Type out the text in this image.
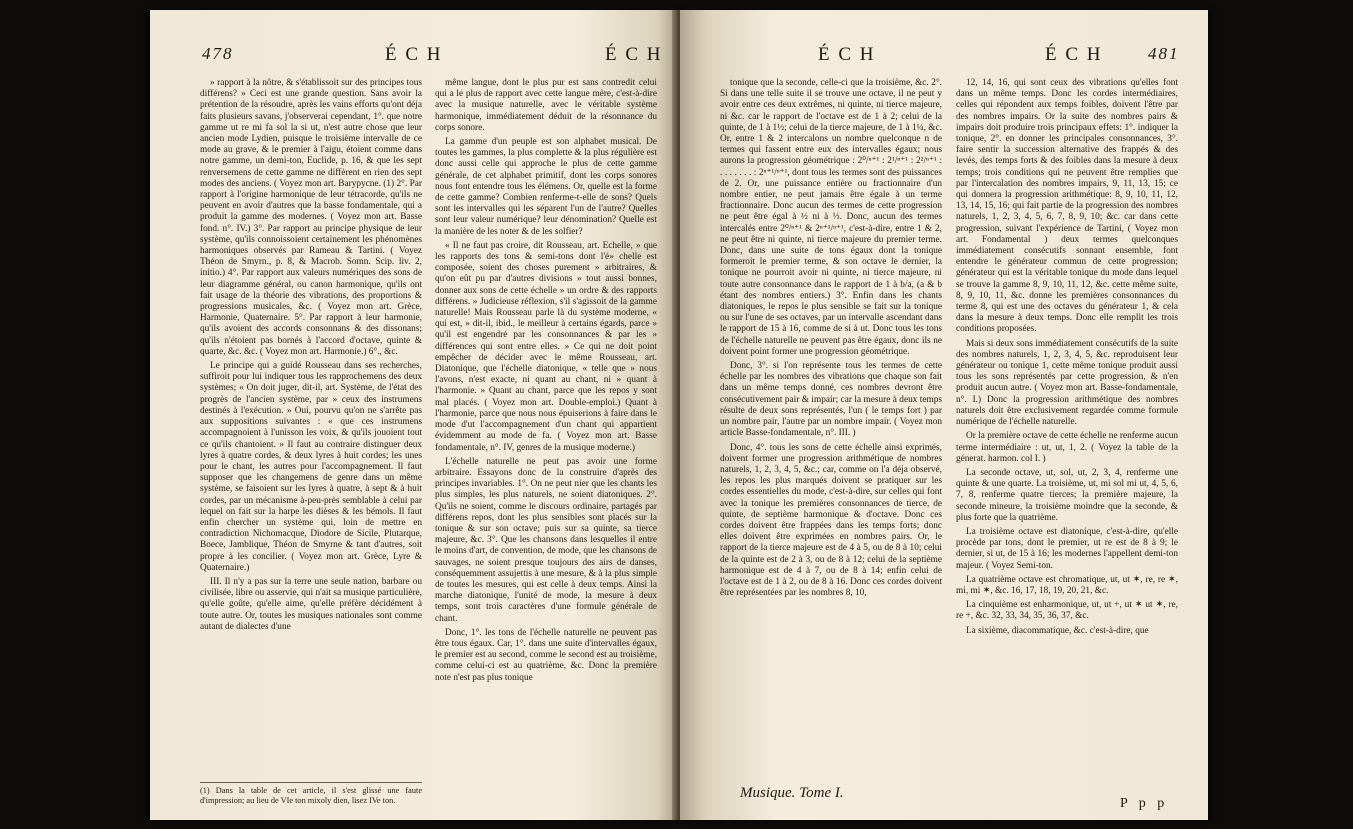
478	É C H	É C H

» rapport à la nôtre, & s'établissoit sur des principes tous différens? » Ceci est une grande question. Sans avoir la prétention de la résoudre, après les vains efforts qu'ont déja faits plusieurs savans, j'observerai cependant, 1°. que notre gamme ut re mi fa sol la si ut, n'est autre chose que leur ancien mode Lydien, puisque le troisième intervalle de ce mode au grave, & le premier à l'aigu, étoient comme dans notre gamme, un demi-ton, Euclide, p. 16, & que les sept renversemens de cette gamme ne diffèrent en rien des sept modes des anciens. ( Voyez mon art. Barypycne. (1) 2°. Par rapport à l'origine harmonique de leur tétracorde, qu'ils ne peuvent en avoir d'autres que la basse fondamentale, qui a produit la gamme des modernes. ( Voyez mon art. Basse fond. n°. IV.) 3°. Par rapport au principe physique de leur système, qu'ils connoissoient certainement les phénomènes harmoniques observés par Rameau & Tartini. ( Voyez Théon de Smyrn., p. 8, & Macrob. Somn. Scip. liv. 2, initio.) 4°. Par rapport aux valeurs numériques des sons de leur diagramme général, ou canon harmonique, qu'ils ont fait usage de la théorie des vibrations, des proportions & progressions musicales, &c. ( Voyez mon art. Grèce, Harmonie, Quaternaire. 5°. Par rapport à leur harmonie, qu'ils avoient des accords consonnans & des dissonans; qu'ils n'étoient pas bornés à l'accord d'octave, quinte & quarte, &c. &c. ( Voyez mon art. Harmonie.) 6°., &c.

Le principe qui a guidé Rousseau dans ses recherches, suffiroit pour lui indiquer tous les rapprochemens des deux systèmes; « On doit juger, dit-il, art. Système, de l'état des progrès de l'ancien système, par » ceux des instrumens destinés à l'exécution. » Oui, pourvu qu'on ne s'arrête pas aux suppositions suivantes : « que ces instrumens accompagnoient à l'unisson les voix, & qu'ils jouoient tout ce qu'ils chantoient. » Il faut au contraire distinguer deux lyres à quatre cordes, & deux lyres à huit cordes; les unes pour le chant, les autres pour l'accompagnement. Il faut supposer que les changemens de genre dans un même système, se faisoient sur les lyres à quatre, à sept & à huit cordes, par un mécanisme à-peu-près semblable à celui par lequel on fait sur la harpe les dièses & les bémols. Il faut enfin chercher un système qui, loin de mettre en contradiction Nichomacque, Diodore de Sicile, Plutarque, Boece, Jamblique, Théon de Smyrne & tant d'autres, soit propre à les concilier. ( Voyez mon art. Grèce, Lyre & Quaternaire.)

III. Il n'y a pas sur la terre une seule nation, barbare ou civilisée, libre ou asservie, qui n'ait sa musique particulière, qu'elle goûte, qu'elle aime, qu'elle préfère décidément à toute autre. Or, toutes les musiques nationales sont comme autant de dialectes d'une

(1) Dans la table de cet article, il s'est glissé une faute d'impression; au lieu de VIe ton mixoly dien, lisez IVe ton.

même langue, dont le plus pur est sans contredit celui qui a le plus de rapport avec cette langue mère, c'est-à-dire avec la musique naturelle, avec le véritable système harmonique, immédiatement déduit de la résonnance du corps sonore.

La gamme d'un peuple est son alphabet musical. De toutes les gammes, la plus complette & la plus régulière est donc aussi celle qui approche le plus de cette gamme générale, de cet alphabet primitif, dont les corps sonores nous font entendre tous les élémens. Or, quelle est la forme de cette gamme? Combien renferme-t-elle de sons? Quels sont les intervalles qui les séparent l'un de l'autre? Quelles sont leur valeur numérique? leur dénomination? Quelle est la manière de les noter & de les solfier?

« Il ne faut pas croire, dit Rousseau, art. Echelle, » que les rapports des tons & semi-tons dont l'é» chelle est composée, soient des choses purement » arbitraires, & qu'on eût pu par d'autres divisions » tout aussi bonnes, donner aux sons de cette échelle » un ordre & des rapports différens. » Judicieuse réflexion, s'il s'agissoit de la gamme naturelle! Mais Rousseau parle là du système moderne, « qui est, » dit-il, ibid., le meilleur à certains égards, parce » qu'il est engendré par les consonnances & par les » différences qui sont entre elles. » Ce qui ne doit point empêcher de décider avec le même Rousseau, art. Diatonique, que l'échelle diatonique, « telle que » nous l'avons, n'est exacte, ni quant au chant, ni » quant à l'harmonie. » Quant au chant, parce que les repos y sont mal placés. ( Voyez mon art. Double-emploi.) Quant à l'harmonie, parce que nous nous épuiserions à faire dans le mode d'ut l'accompagnement d'un chant qui appartient évidemment au mode de fa. ( Voyez mon art. Basse fondamentale, n°. IV, genres de la musique moderne.)

L'échelle naturelle ne peut pas avoir une forme arbitraire. Essayons donc de la construire d'après des principes invariables. 1°. On ne peut nier que les chants les plus simples, les plus naturels, ne soient diatoniques. 2°. Qu'ils ne soient, comme le discours ordinaire, partagés par différens repos, dont les plus sensibles sont placés sur la tonique & sur son octave; puis sur sa quinte, sa tierce majeure, &c. 3°. Que les chansons dans lesquelles il entre le moins d'art, de convention, de mode, que les chansons de sauvages, ne soient presque toujours des airs de danses, conséquemment assujettis à une mesure, & à la plus simple de toutes les mesures, qui est celle à deux temps. Ainsi la marche diatonique, l'unité de mode, la mesure à deux temps, sont trois caractères d'une formule générale de chant.

Donc, 1°. les tons de l'échelle naturelle ne peuvent pas être tous égaux. Car, 1°. dans une suite d'intervalles égaux, le premier est au second, comme le second est au troisième, comme celui-ci est au quatrième, &c. Donc la première note n'est pas plus tonique

É C H	É C H	481

tonique que la seconde, celle-ci que la troisième, &c. 2°. Si dans une telle suite il se trouve une octave, il ne peut y avoir entre ces deux extrêmes, ni quinte, ni tierce majeure, ni &c. car le rapport de l'octave est de 1 à 2; celui de la quinte, de 1 à 1½; celui de la tierce majeure, de 1 à 1¼, &c. Or, entre 1 & 2 intercalons un nombre quelconque n de termes qui fassent entre eux des intervalles égaux; nous aurons la progression géométrique : 2⁰/ⁿ⁺¹ : 2¹/ⁿ⁺¹ : 2²/ⁿ⁺¹ : . . . . . . . : 2ⁿ⁺¹/ⁿ⁺¹, dont tous les termes sont des puissances de 2. Or, une puissance entière ou fractionnaire d'un nombre entier, ne peut jamais être égale à un terme fractionnaire. Donc aucun des termes de cette progression ne peut être égal à ½ ni à ⅓. Donc, aucun des termes intercalés entre 2⁰/ⁿ⁺¹ & 2ⁿ⁺¹/ⁿ⁺¹, c'est-à-dire, entre 1 & 2, ne peut être ni quinte, ni tierce majeure du premier terme. Donc, dans une suite de tons égaux dont la tonique formeroit le premier terme, & son octave le dernier, la tonique ne pourroit avoir ni quinte, ni tierce majeure, ni toute autre consonnance dans le rapport de 1 à b/a, (a & b étant des nombres entiers.) 3°. Enfin dans les chants diatoniques, le repos le plus sensible se fait sur la tonique ou sur l'une de ses octaves, par un intervalle ascendant dans le rapport de 15 à 16, comme de si à ut. Donc tous les tons de l'échelle naturelle ne peuvent pas être égaux, donc ils ne doivent point former une progression géométrique.

Donc, 3°. si l'on représente tous les termes de cette échelle par les nombres des vibrations que chaque son fait dans un même temps donné, ces nombres devront être consécutivement pair & impair; car la mesure à deux temps résulte de deux sons représentés, l'un ( le temps fort ) par un nombre pair, l'autre par un nombre impair. ( Voyez mon article Basse-fondamentale, n°. III. )

Donc, 4°. tous les sons de cette échelle ainsi exprimés, doivent former une progression arithmétique de nombres naturels, 1, 2, 3, 4, 5, &c.; car, comme on l'a déja observé, les repos les plus marqués doivent se pratiquer sur les cordes essentielles du mode, c'est-à-dire, sur celles qui font avec la tonique les premières consonnances de tierce, de quinte, de septième harmonique & d'octave. Donc ces cordes doivent être frappées dans les temps forts; donc elles doivent être exprimées en nombres pairs. Or, le rapport de la tierce majeure est de 4 à 5, ou de 8 à 10; celui de la quinte est de 2 à 3, ou de 8 à 12; celui de la septième harmonique est de 4 à 7, ou de 8 à 14; enfin celui de l'octave est de 1 à 2, ou de 8 à 16. Donc ces cordes doivent être représentées par les nombres 8, 10,

Musique. Tome I.

12, 14, 16, qui sont ceux des vibrations qu'elles font dans un même temps. Donc les cordes intermédiaires, celles qui répondent aux temps foibles, doivent l'être par des nombres impairs. Or la suite des nombres pairs & impairs doit produire trois principaux effets: 1°. indiquer la tonique, 2°. en donner les principales consonnances, 3°. faire sentir la succession alternative des frappés & des levés, des temps forts & des foibles dans la mesure à deux temps; trois conditions qui ne peuvent être remplies que par l'intercalation des nombres impairs, 9, 11, 13, 15; ce qui donnera la progression arithmétique: 8, 9, 10, 11, 12, 13, 14, 15, 16; qui fait partie de la progression des nombres naturels, 1, 2, 3, 4, 5, 6, 7, 8, 9, 10; &c. car dans cette progression, suivant l'expérience de Tartini, ( Voyez mon art. Fondamental ) deux termes quelconques immédiatement consécutifs sonnant ensemble, font entendre le générateur commun de cette progression; générateur qui est la véritable tonique du mode dans lequel se trouve la gamme 8, 9, 10, 11, 12, &c. cette même suite, 8, 9, 10, 11, &c. donne les premières consonnances du terme 8, qui est une des octaves du générateur 1, & cela dans la mesure à deux temps. Donc elle remplit les trois conditions proposées.

Mais si deux sons immédiatement consécutifs de la suite des nombres naturels, 1, 2, 3, 4, 5, &c. reproduisent leur générateur ou tonique 1, cette même tonique produit aussi tous les sons représentés par cette progression, & n'en produit aucun autre. ( Voyez mon art. Basse-fondamentale, n°. I.) Donc la progression arithmétique des nombres naturels doit être exclusivement regardée comme formule numérique de l'échelle naturelle.

Or la première octave de cette échelle ne renferme aucun terme intermédiaire : ut, ut, 1, 2. ( Voyez la table de la génerat. harmon. col I. )

La seconde octave, ut, sol, ut, 2, 3, 4, renferme une quinte & une quarte. La troisième, ut, mi sol mi ut, 4, 5, 6, 7, 8, renferme quatre tierces; la première majeure, la seconde mineure, la troisième moindre que la seconde, & plus forte que la quatrième.

La troisième octave est diatonique, c'est-à-dire, qu'elle procède par tons, dont le premier, ut re est de 8 à 9; le dernier, si ut, de 15 à 16; les modernes l'appellent demi-ton majeur. ( Voyez Semi-ton.

La quatrième octave est chromatique, ut, ut ✶, re, re ✶, mi, mi ✶, &c. 16, 17, 18, 19, 20, 21, &c.

La cinquième est enharmonique, ut, ut +, ut ✶ ut ✶, re, re +, &c. 32, 33, 34, 35, 36, 37, &c.

La sixième, diacommatique, &c. c'est-à-dire, que

P p p
